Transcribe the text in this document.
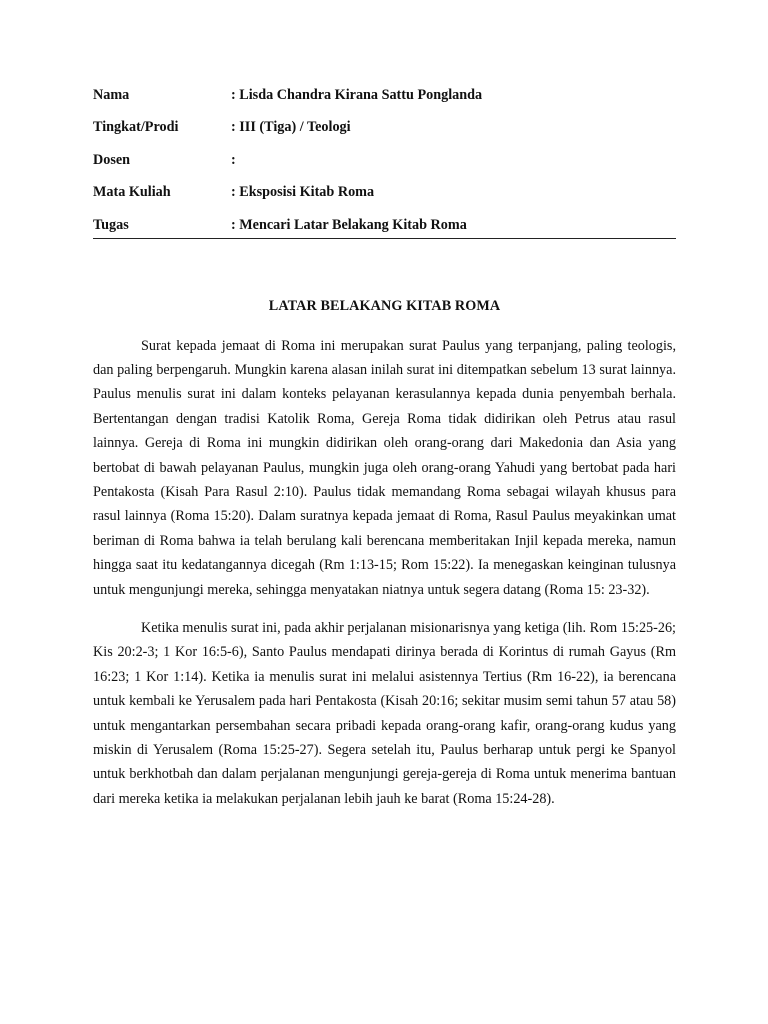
Nama	: Lisda Chandra Kirana Sattu Ponglanda
Tingkat/Prodi	: III (Tiga) / Teologi
Dosen	:
Mata Kuliah	: Eksposisi Kitab Roma
Tugas	: Mencari Latar Belakang Kitab Roma
LATAR BELAKANG KITAB ROMA

Surat kepada jemaat di Roma ini merupakan surat Paulus yang terpanjang, paling teologis, dan paling berpengaruh. Mungkin karena alasan inilah surat ini ditempatkan sebelum 13 surat lainnya. Paulus menulis surat ini dalam konteks pelayanan kerasulannya kepada dunia penyembah berhala. Bertentangan dengan tradisi Katolik Roma, Gereja Roma tidak didirikan oleh Petrus atau rasul lainnya. Gereja di Roma ini mungkin didirikan oleh orang-orang dari Makedonia dan Asia yang bertobat di bawah pelayanan Paulus, mungkin juga oleh orang-orang Yahudi yang bertobat pada hari Pentakosta (Kisah Para Rasul 2:10). Paulus tidak memandang Roma sebagai wilayah khusus para rasul lainnya (Roma 15:20). Dalam suratnya kepada jemaat di Roma, Rasul Paulus meyakinkan umat beriman di Roma bahwa ia telah berulang kali berencana memberitakan Injil kepada mereka, namun hingga saat itu kedatangannya dicegah (Rm 1:13-15; Rom 15:22). Ia menegaskan keinginan tulusnya untuk mengunjungi mereka, sehingga menyatakan niatnya untuk segera datang (Roma 15: 23-32).

Ketika menulis surat ini, pada akhir perjalanan misionarisnya yang ketiga (lih. Rom 15:25-26; Kis 20:2-3; 1 Kor 16:5-6), Santo Paulus mendapati dirinya berada di Korintus di rumah Gayus (Rm 16:23; 1 Kor 1:14). Ketika ia menulis surat ini melalui asistennya Tertius (Rm 16-22), ia berencana untuk kembali ke Yerusalem pada hari Pentakosta (Kisah 20:16; sekitar musim semi tahun 57 atau 58) untuk mengantarkan persembahan secara pribadi kepada orang-orang kafir, orang-orang kudus yang miskin di Yerusalem (Roma 15:25-27). Segera setelah itu, Paulus berharap untuk pergi ke Spanyol untuk berkhotbah dan dalam perjalanan mengunjungi gereja-gereja di Roma untuk menerima bantuan dari mereka ketika ia melakukan perjalanan lebih jauh ke barat (Roma 15:24-28).
